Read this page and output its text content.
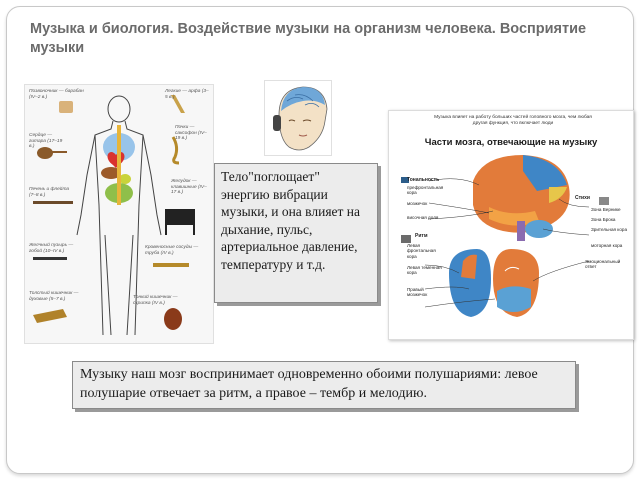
Музыка и биология. Воздействие музыки на организм человека. Восприятие музыки
Позвоночник — барабан (ΙV–2 в.)
Сердце — гитара (17–19 в.)
Печень и флейта (7–8 в.)
Желчный пузырь — гобой (10–ΙV в.)
Толстый кишечник — духовые (5–7 в.)
Легкие — арфа (3–5 в.)
Почки — саксофон (ΙV–19 в.)
Желудок — клавишные (ΙV–17 в.)
Кровеносные сосуды — труба (ΙV в.)
Тонкий кишечник — скрипка (ΙV в.)
Музыка влияет на работу больших частей головного мозга, чем любая другая функция, что включает люди
Части мозга, отвечающие на музыку
Тональность
префронтальная кора
мозжечок
височная доля
Ритм
Левая фронтальная кора
Левая теменная кора
Правый мозжечок
Стихи
Зона Вернике
Зона Брока
Зрительная кора
моторная кора
Эмоциональный ответ
Тело"поглощает" энергию вибрации музыки, и она влияет на дыхание, пульс, артериальное давление, температуру и т.д.
Музыку наш мозг воспринимает одновременно обоими полушариями: левое полушарие отвечает за ритм, а правое – тембр и мелодию.
